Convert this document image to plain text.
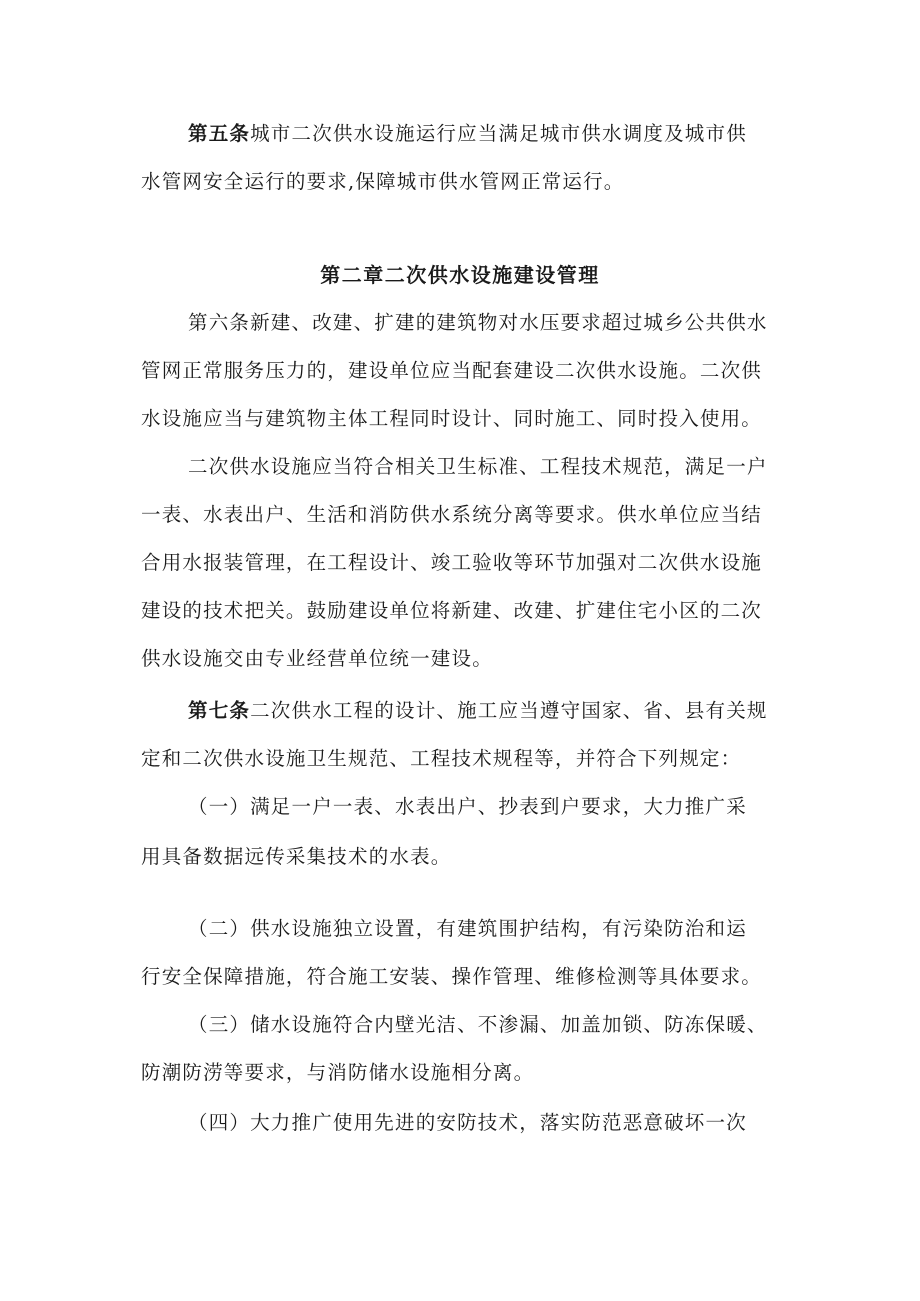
第五条城市二次供水设施运行应当满足城市供水调度及城市供
水管网安全运行的要求,保障城市供水管网正常运行。
第二章二次供水设施建设管理
第六条新建、改建、扩建的建筑物对水压要求超过城乡公共供水
管网正常服务压力的，建设单位应当配套建设二次供水设施。二次供
水设施应当与建筑物主体工程同时设计、同时施工、同时投入使用。
二次供水设施应当符合相关卫生标准、工程技术规范，满足一户
一表、水表出户、生活和消防供水系统分离等要求。供水单位应当结
合用水报装管理，在工程设计、竣工验收等环节加强对二次供水设施
建设的技术把关。鼓励建设单位将新建、改建、扩建住宅小区的二次
供水设施交由专业经营单位统一建设。
第七条二次供水工程的设计、施工应当遵守国家、省、县有关规
定和二次供水设施卫生规范、工程技术规程等，并符合下列规定：
（一）满足一户一表、水表出户、抄表到户要求，大力推广采
用具备数据远传采集技术的水表。
（二）供水设施独立设置，有建筑围护结构，有污染防治和运
行安全保障措施，符合施工安装、操作管理、维修检测等具体要求。
（三）储水设施符合内壁光洁、不渗漏、加盖加锁、防冻保暖、
防潮防涝等要求，与消防储水设施相分离。
（四）大力推广使用先进的安防技术，落实防范恶意破坏一次
